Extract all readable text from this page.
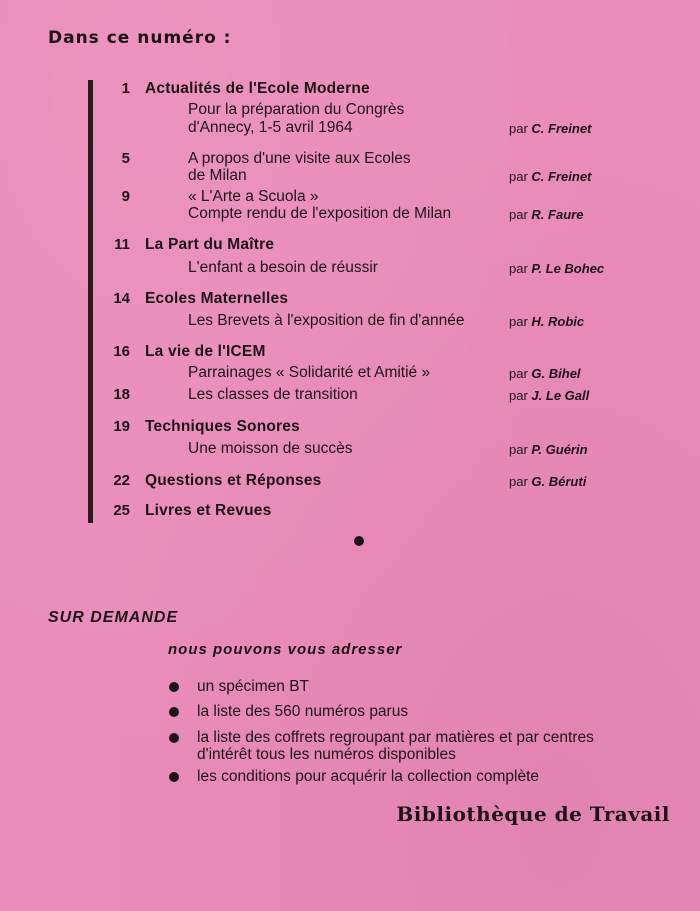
Dans ce numéro :
1 Actualités de l'Ecole Moderne
Pour la préparation du Congrès
d'Annecy, 1-5 avril 1964	par C. Freinet
5	A propos d'une visite aux Ecoles
de Milan	par C. Freinet
9	« L'Arte a Scuola »
Compte rendu de l'exposition de Milan	par R. Faure
11 La Part du Maître
L'enfant a besoin de réussir	par P. Le Bohec
14 Ecoles Maternelles
Les Brevets à l'exposition de fin d'année	par H. Robic
16 La vie de l'ICEM
Parrainages « Solidarité et Amitié »	par G. Bihel
18	Les classes de transition	par J. Le Gall
19 Techniques Sonores
Une moisson de succès	par P. Guérin
22 Questions et Réponses	par G. Béruti
25 Livres et Revues
SUR DEMANDE
nous pouvons vous adresser
un spécimen BT
la liste des 560 numéros parus
la liste des coffrets regroupant par matières et par centres
d'intérêt tous les numéros disponibles
les conditions pour acquérir la collection complète
Bibliothèque de Travail
